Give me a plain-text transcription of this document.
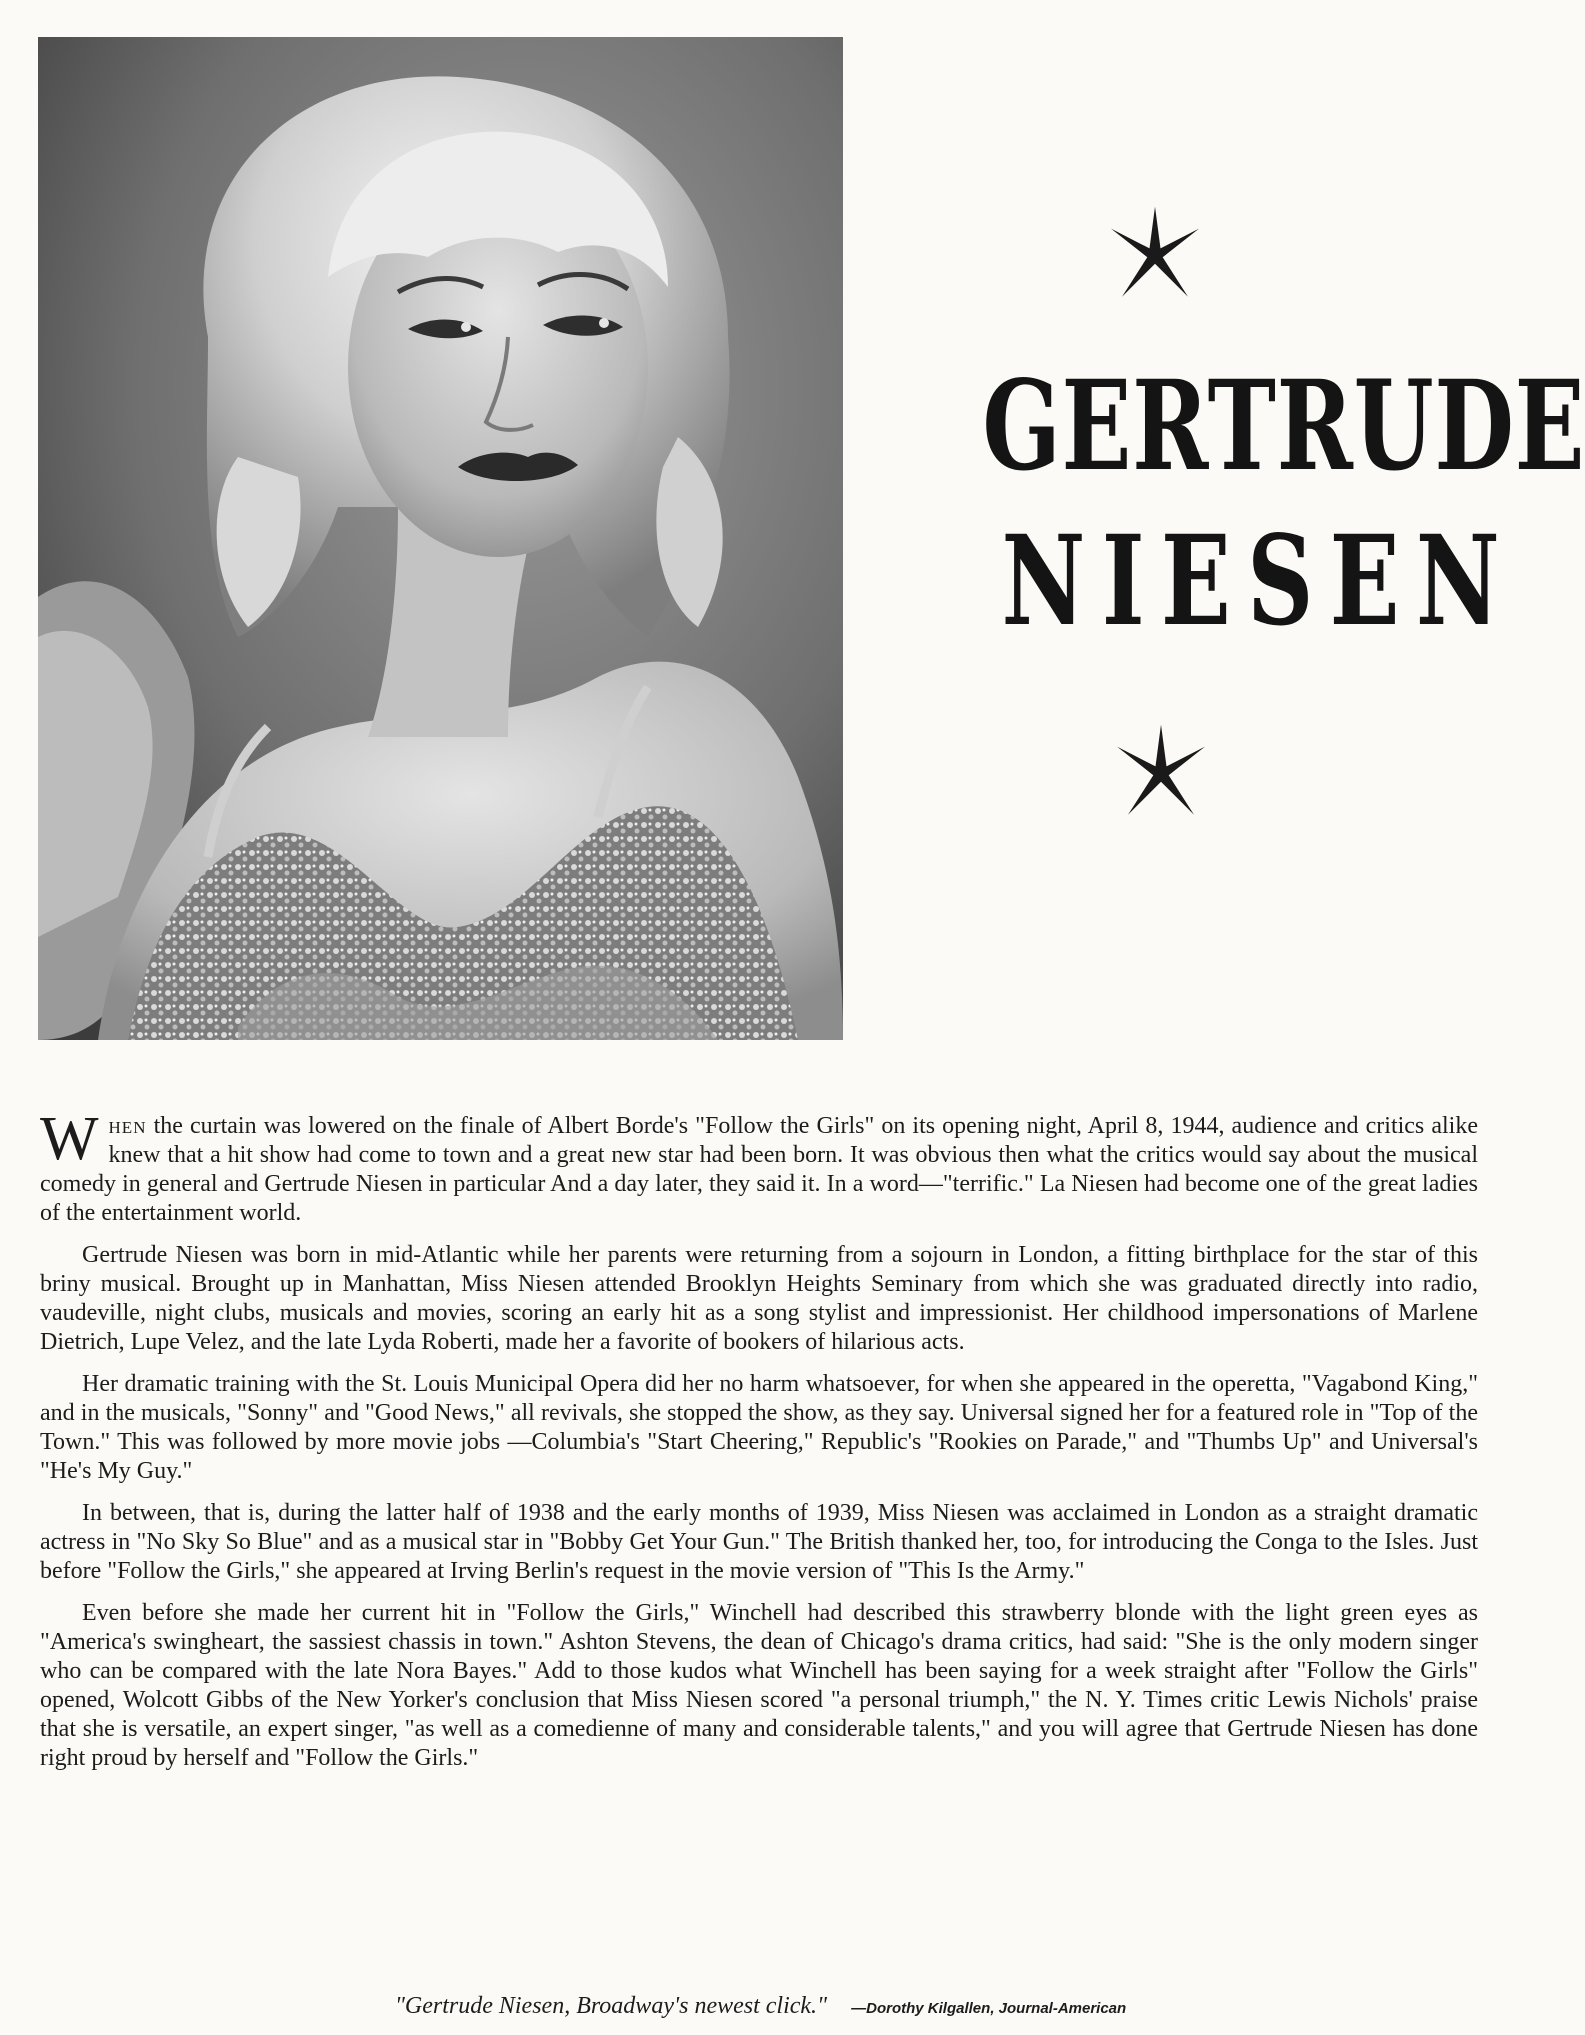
GERTRUDE
NIESEN

When the curtain was lowered on the finale of Albert Borde's "Follow the Girls" on its opening night, April 8, 1944, audience and critics alike knew that a hit show had come to town and a great new star had been born. It was obvious then what the critics would say about the musical comedy in general and Gertrude Niesen in particular And a day later, they said it. In a word—"terrific." La Niesen had become one of the great ladies of the entertainment world.

Gertrude Niesen was born in mid-Atlantic while her parents were returning from a sojourn in London, a fitting birthplace for the star of this briny musical. Brought up in Manhattan, Miss Niesen attended Brooklyn Heights Seminary from which she was graduated directly into radio, vaudeville, night clubs, musicals and movies, scoring an early hit as a song stylist and impressionist. Her childhood impersonations of Marlene Dietrich, Lupe Velez, and the late Lyda Roberti, made her a favorite of bookers of hilarious acts.

Her dramatic training with the St. Louis Municipal Opera did her no harm whatsoever, for when she appeared in the operetta, "Vagabond King," and in the musicals, "Sonny" and "Good News," all revivals, she stopped the show, as they say. Universal signed her for a featured role in "Top of the Town." This was followed by more movie jobs —Columbia's "Start Cheering," Republic's "Rookies on Parade," and "Thumbs Up" and Universal's "He's My Guy."

In between, that is, during the latter half of 1938 and the early months of 1939, Miss Niesen was acclaimed in London as a straight dramatic actress in "No Sky So Blue" and as a musical star in "Bobby Get Your Gun." The British thanked her, too, for introducing the Conga to the Isles. Just before "Follow the Girls," she appeared at Irving Berlin's request in the movie version of "This Is the Army."

Even before she made her current hit in "Follow the Girls," Winchell had described this strawberry blonde with the light green eyes as "America's swingheart, the sassiest chassis in town." Ashton Stevens, the dean of Chicago's drama critics, had said: "She is the only modern singer who can be compared with the late Nora Bayes." Add to those kudos what Winchell has been saying for a week straight after "Follow the Girls" opened, Wolcott Gibbs of the New Yorker's conclusion that Miss Niesen scored "a personal triumph," the N. Y. Times critic Lewis Nichols' praise that she is versatile, an expert singer, "as well as a comedienne of many and considerable talents," and you will agree that Gertrude Niesen has done right proud by herself and "Follow the Girls."

"Gertrude Niesen, Broadway's newest click." —Dorothy Kilgallen, Journal-American
